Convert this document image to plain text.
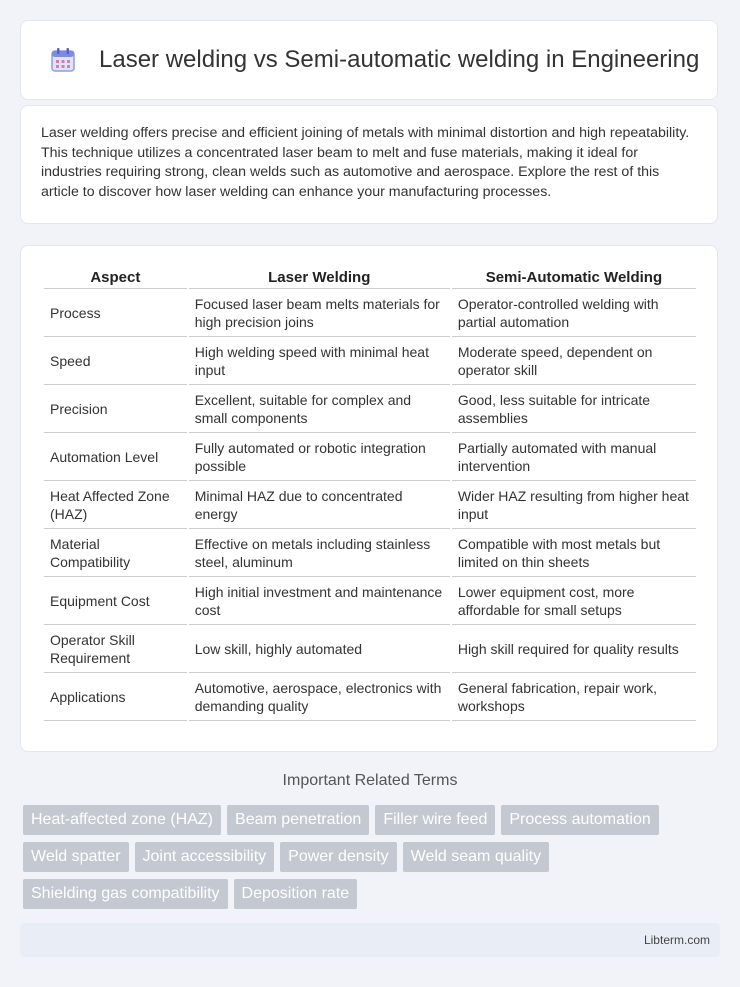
Laser welding vs Semi-automatic welding in Engineering

Laser welding offers precise and efficient joining of metals with minimal distortion and high repeatability. This technique utilizes a concentrated laser beam to melt and fuse materials, making it ideal for industries requiring strong, clean welds such as automotive and aerospace. Explore the rest of this article to discover how laser welding can enhance your manufacturing processes.

Aspect	Laser Welding	Semi-Automatic Welding
Process	Focused laser beam melts materials for high precision joins	Operator-controlled welding with partial automation
Speed	High welding speed with minimal heat input	Moderate speed, dependent on operator skill
Precision	Excellent, suitable for complex and small components	Good, less suitable for intricate assemblies
Automation Level	Fully automated or robotic integration possible	Partially automated with manual intervention
Heat Affected Zone (HAZ)	Minimal HAZ due to concentrated energy	Wider HAZ resulting from higher heat input
Material Compatibility	Effective on metals including stainless steel, aluminum	Compatible with most metals but limited on thin sheets
Equipment Cost	High initial investment and maintenance cost	Lower equipment cost, more affordable for small setups
Operator Skill Requirement	Low skill, highly automated	High skill required for quality results
Applications	Automotive, aerospace, electronics with demanding quality	General fabrication, repair work, workshops
Important Related Terms
Heat-affected zone (HAZ)	Beam penetration	Filler wire feed	Process automation
Weld spatter	Joint accessibility	Power density	Weld seam quality
Shielding gas compatibility	Deposition rate
Libterm.com
